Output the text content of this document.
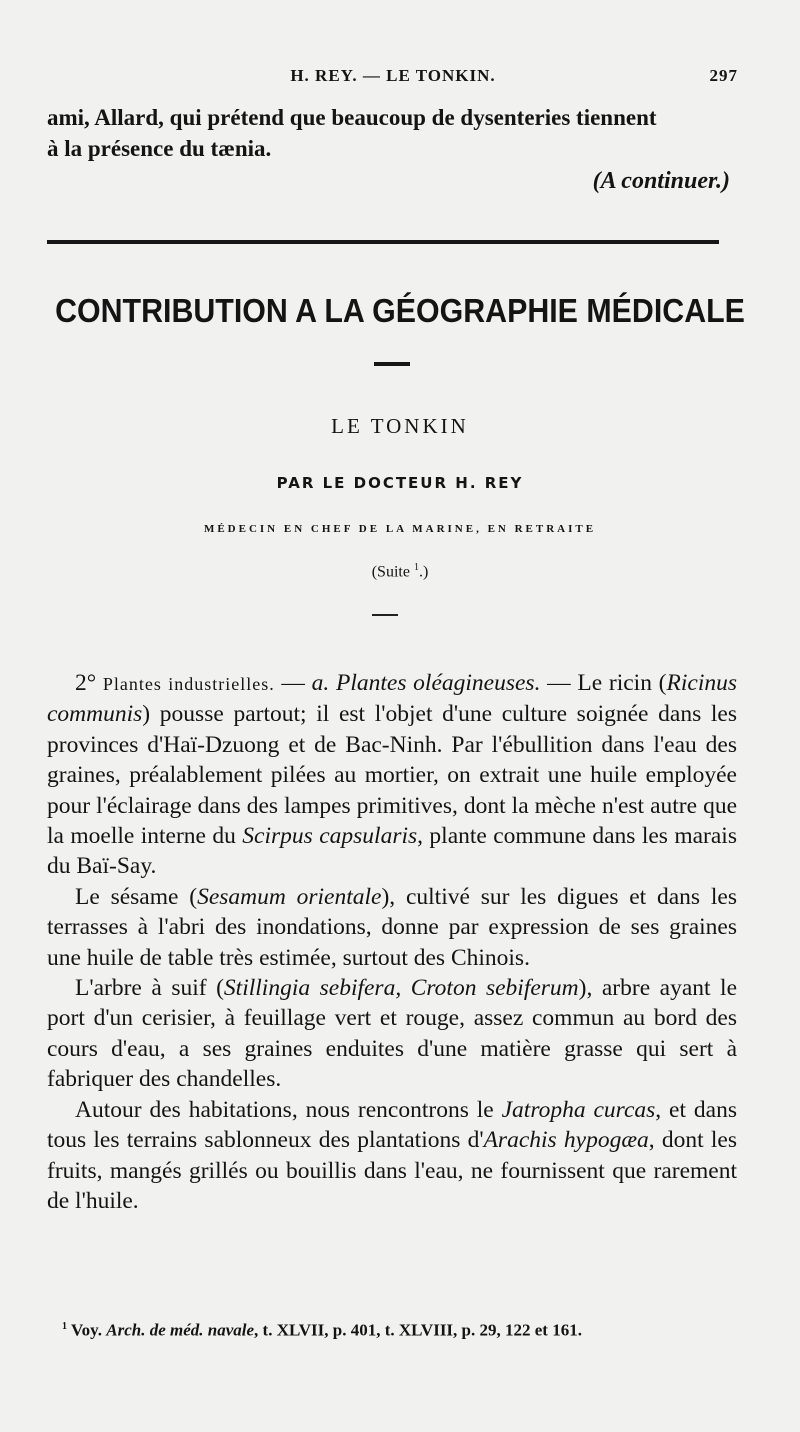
H. REY. — LE TONKIN.	297

ami, Allard, qui prétend que beaucoup de dysenteries tiennent

à la présence du tænia.

(A continuer.)
CONTRIBUTION A LA GÉOGRAPHIE MÉDICALE
LE TONKIN
PAR LE DOCTEUR H. REY
MÉDECIN EN CHEF DE LA MARINE, EN RETRAITE
(Suite $^1$.)

2° Plantes industrielles. — a. Plantes oléagineuses. — Le ricin (Ricinus communis) pousse partout; il est l'objet d'une culture soignée dans les provinces d'Haï-Dzuong et de Bac-Ninh. Par l'ébullition dans l'eau des graines, préalablement pilées au mortier, on extrait une huile employée pour l'éclairage dans des lampes primitives, dont la mèche n'est autre que la moelle interne du Scirpus capsularis, plante commune dans les marais du Baï-Say.

Le sésame (Sesamum orientale), cultivé sur les digues et dans les terrasses à l'abri des inondations, donne par expression de ses graines une huile de table très estimée, surtout des Chinois.

L'arbre à suif (Stillingia sebifera, Croton sebiferum), arbre ayant le port d'un cerisier, à feuillage vert et rouge, assez commun au bord des cours d'eau, a ses graines enduites d'une matière grasse qui sert à fabriquer des chandelles.

Autour des habitations, nous rencontrons le Jatropha curcas, et dans tous les terrains sablonneux des plantations d'Arachis hypogæa, dont les fruits, mangés grillés ou bouillis dans l'eau, ne fournissent que rarement de l'huile.

$^1$ Voy. Arch. de méd. navale, t. XLVII, p. 401, t. XLVIII, p. 29, 122 et 161.
